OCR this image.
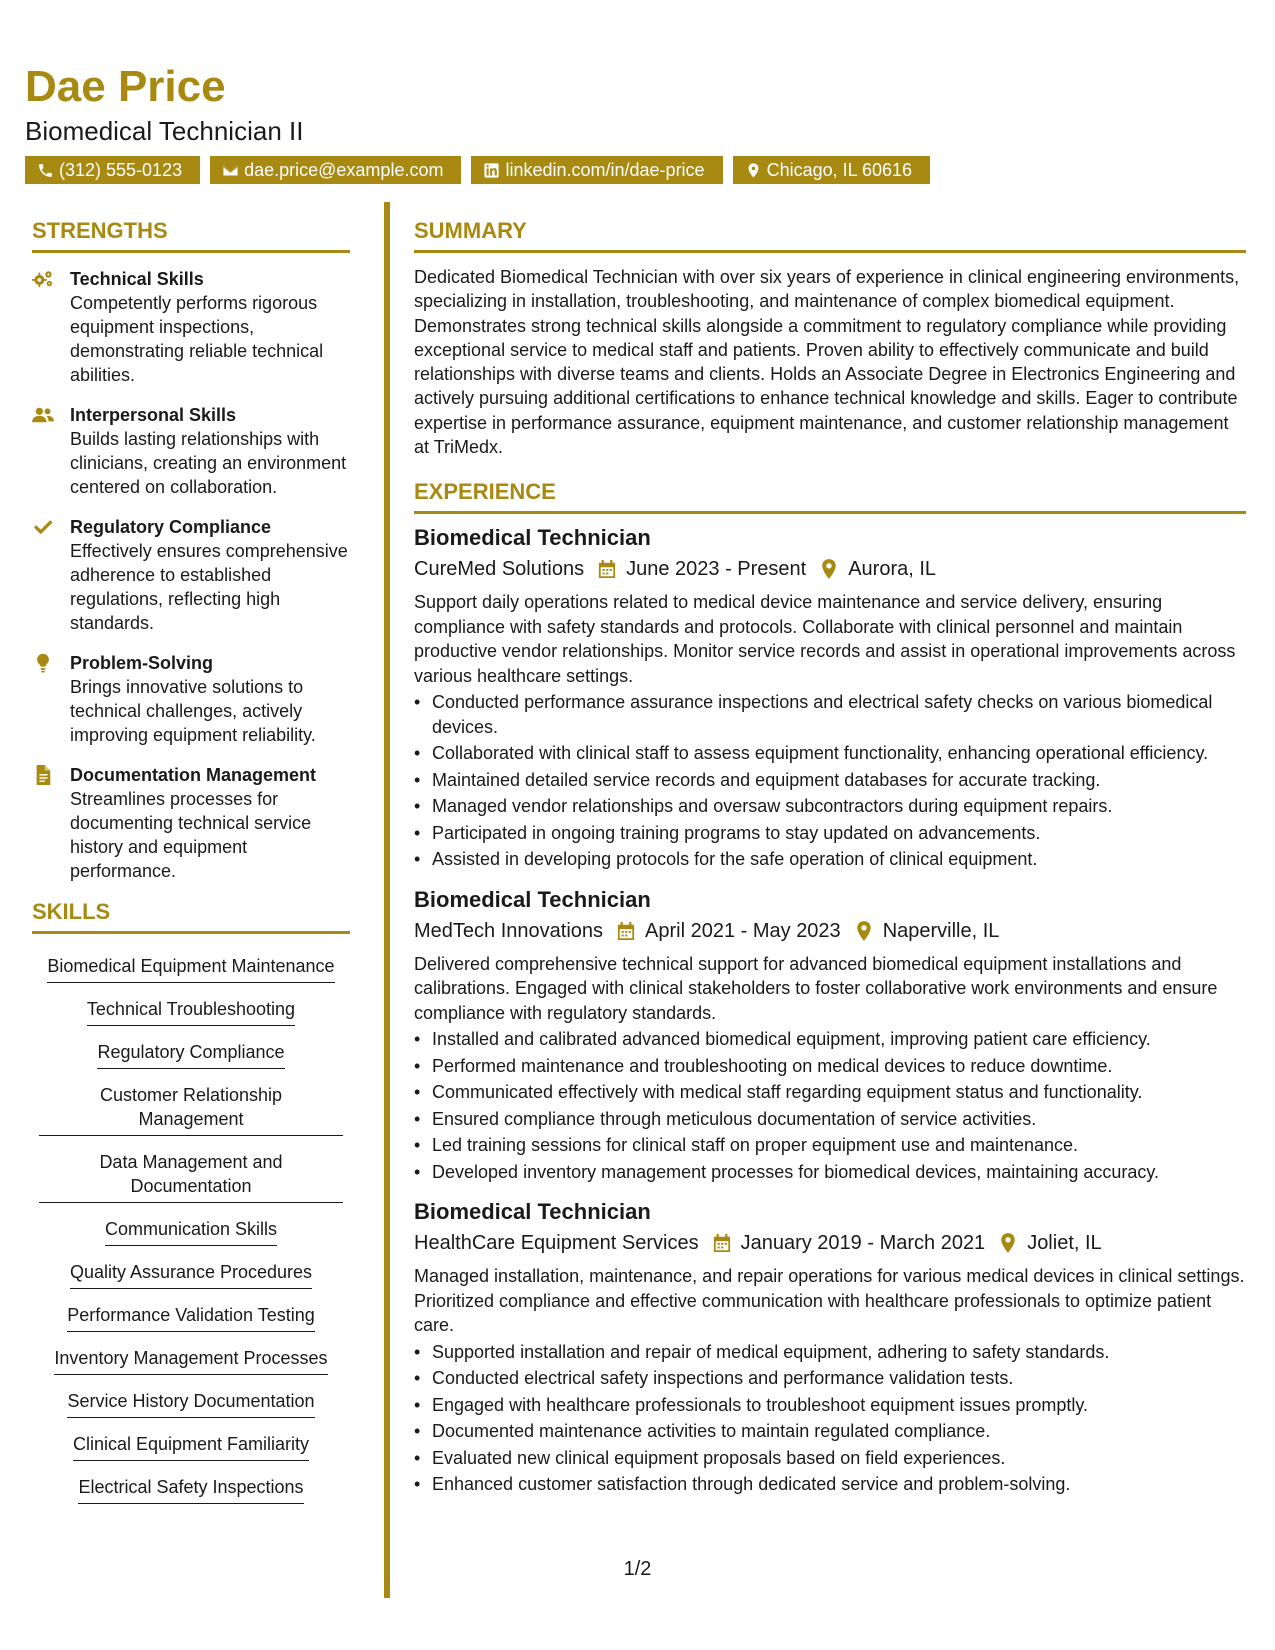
Dae Price
Biomedical Technician II
(312) 555-0123	dae.price@example.com	linkedin.com/in/dae-price	Chicago, IL 60616
STRENGTHS
Technical Skills
Competently performs rigorous equipment inspections, demonstrating reliable technical abilities.
Interpersonal Skills
Builds lasting relationships with clinicians, creating an environment centered on collaboration.
Regulatory Compliance
Effectively ensures comprehensive adherence to established regulations, reflecting high standards.
Problem-Solving
Brings innovative solutions to technical challenges, actively improving equipment reliability.
Documentation Management
Streamlines processes for documenting technical service history and equipment performance.
SKILLS
Biomedical Equipment Maintenance
Technical Troubleshooting
Regulatory Compliance
Customer Relationship Management
Data Management and Documentation
Communication Skills
Quality Assurance Procedures
Performance Validation Testing
Inventory Management Processes
Service History Documentation
Clinical Equipment Familiarity
Electrical Safety Inspections
SUMMARY
Dedicated Biomedical Technician with over six years of experience in clinical engineering environments, specializing in installation, troubleshooting, and maintenance of complex biomedical equipment. Demonstrates strong technical skills alongside a commitment to regulatory compliance while providing exceptional service to medical staff and patients. Proven ability to effectively communicate and build relationships with diverse teams and clients. Holds an Associate Degree in Electronics Engineering and actively pursuing additional certifications to enhance technical knowledge and skills. Eager to contribute expertise in performance assurance, equipment maintenance, and customer relationship management at TriMedx.
EXPERIENCE
Biomedical Technician
CureMed Solutions June 2023 - Present Aurora, IL
Support daily operations related to medical device maintenance and service delivery, ensuring compliance with safety standards and protocols. Collaborate with clinical personnel and maintain productive vendor relationships. Monitor service records and assist in operational improvements across various healthcare settings.
• Conducted performance assurance inspections and electrical safety checks on various biomedical devices.
• Collaborated with clinical staff to assess equipment functionality, enhancing operational efficiency.
• Maintained detailed service records and equipment databases for accurate tracking.
• Managed vendor relationships and oversaw subcontractors during equipment repairs.
• Participated in ongoing training programs to stay updated on advancements.
• Assisted in developing protocols for the safe operation of clinical equipment.
Biomedical Technician
MedTech Innovations April 2021 - May 2023 Naperville, IL
Delivered comprehensive technical support for advanced biomedical equipment installations and calibrations. Engaged with clinical stakeholders to foster collaborative work environments and ensure compliance with regulatory standards.
• Installed and calibrated advanced biomedical equipment, improving patient care efficiency.
• Performed maintenance and troubleshooting on medical devices to reduce downtime.
• Communicated effectively with medical staff regarding equipment status and functionality.
• Ensured compliance through meticulous documentation of service activities.
• Led training sessions for clinical staff on proper equipment use and maintenance.
• Developed inventory management processes for biomedical devices, maintaining accuracy.
Biomedical Technician
HealthCare Equipment Services January 2019 - March 2021 Joliet, IL
Managed installation, maintenance, and repair operations for various medical devices in clinical settings. Prioritized compliance and effective communication with healthcare professionals to optimize patient care.
• Supported installation and repair of medical equipment, adhering to safety standards.
• Conducted electrical safety inspections and performance validation tests.
• Engaged with healthcare professionals to troubleshoot equipment issues promptly.
• Documented maintenance activities to maintain regulated compliance.
• Evaluated new clinical equipment proposals based on field experiences.
• Enhanced customer satisfaction through dedicated service and problem-solving.
1/2
